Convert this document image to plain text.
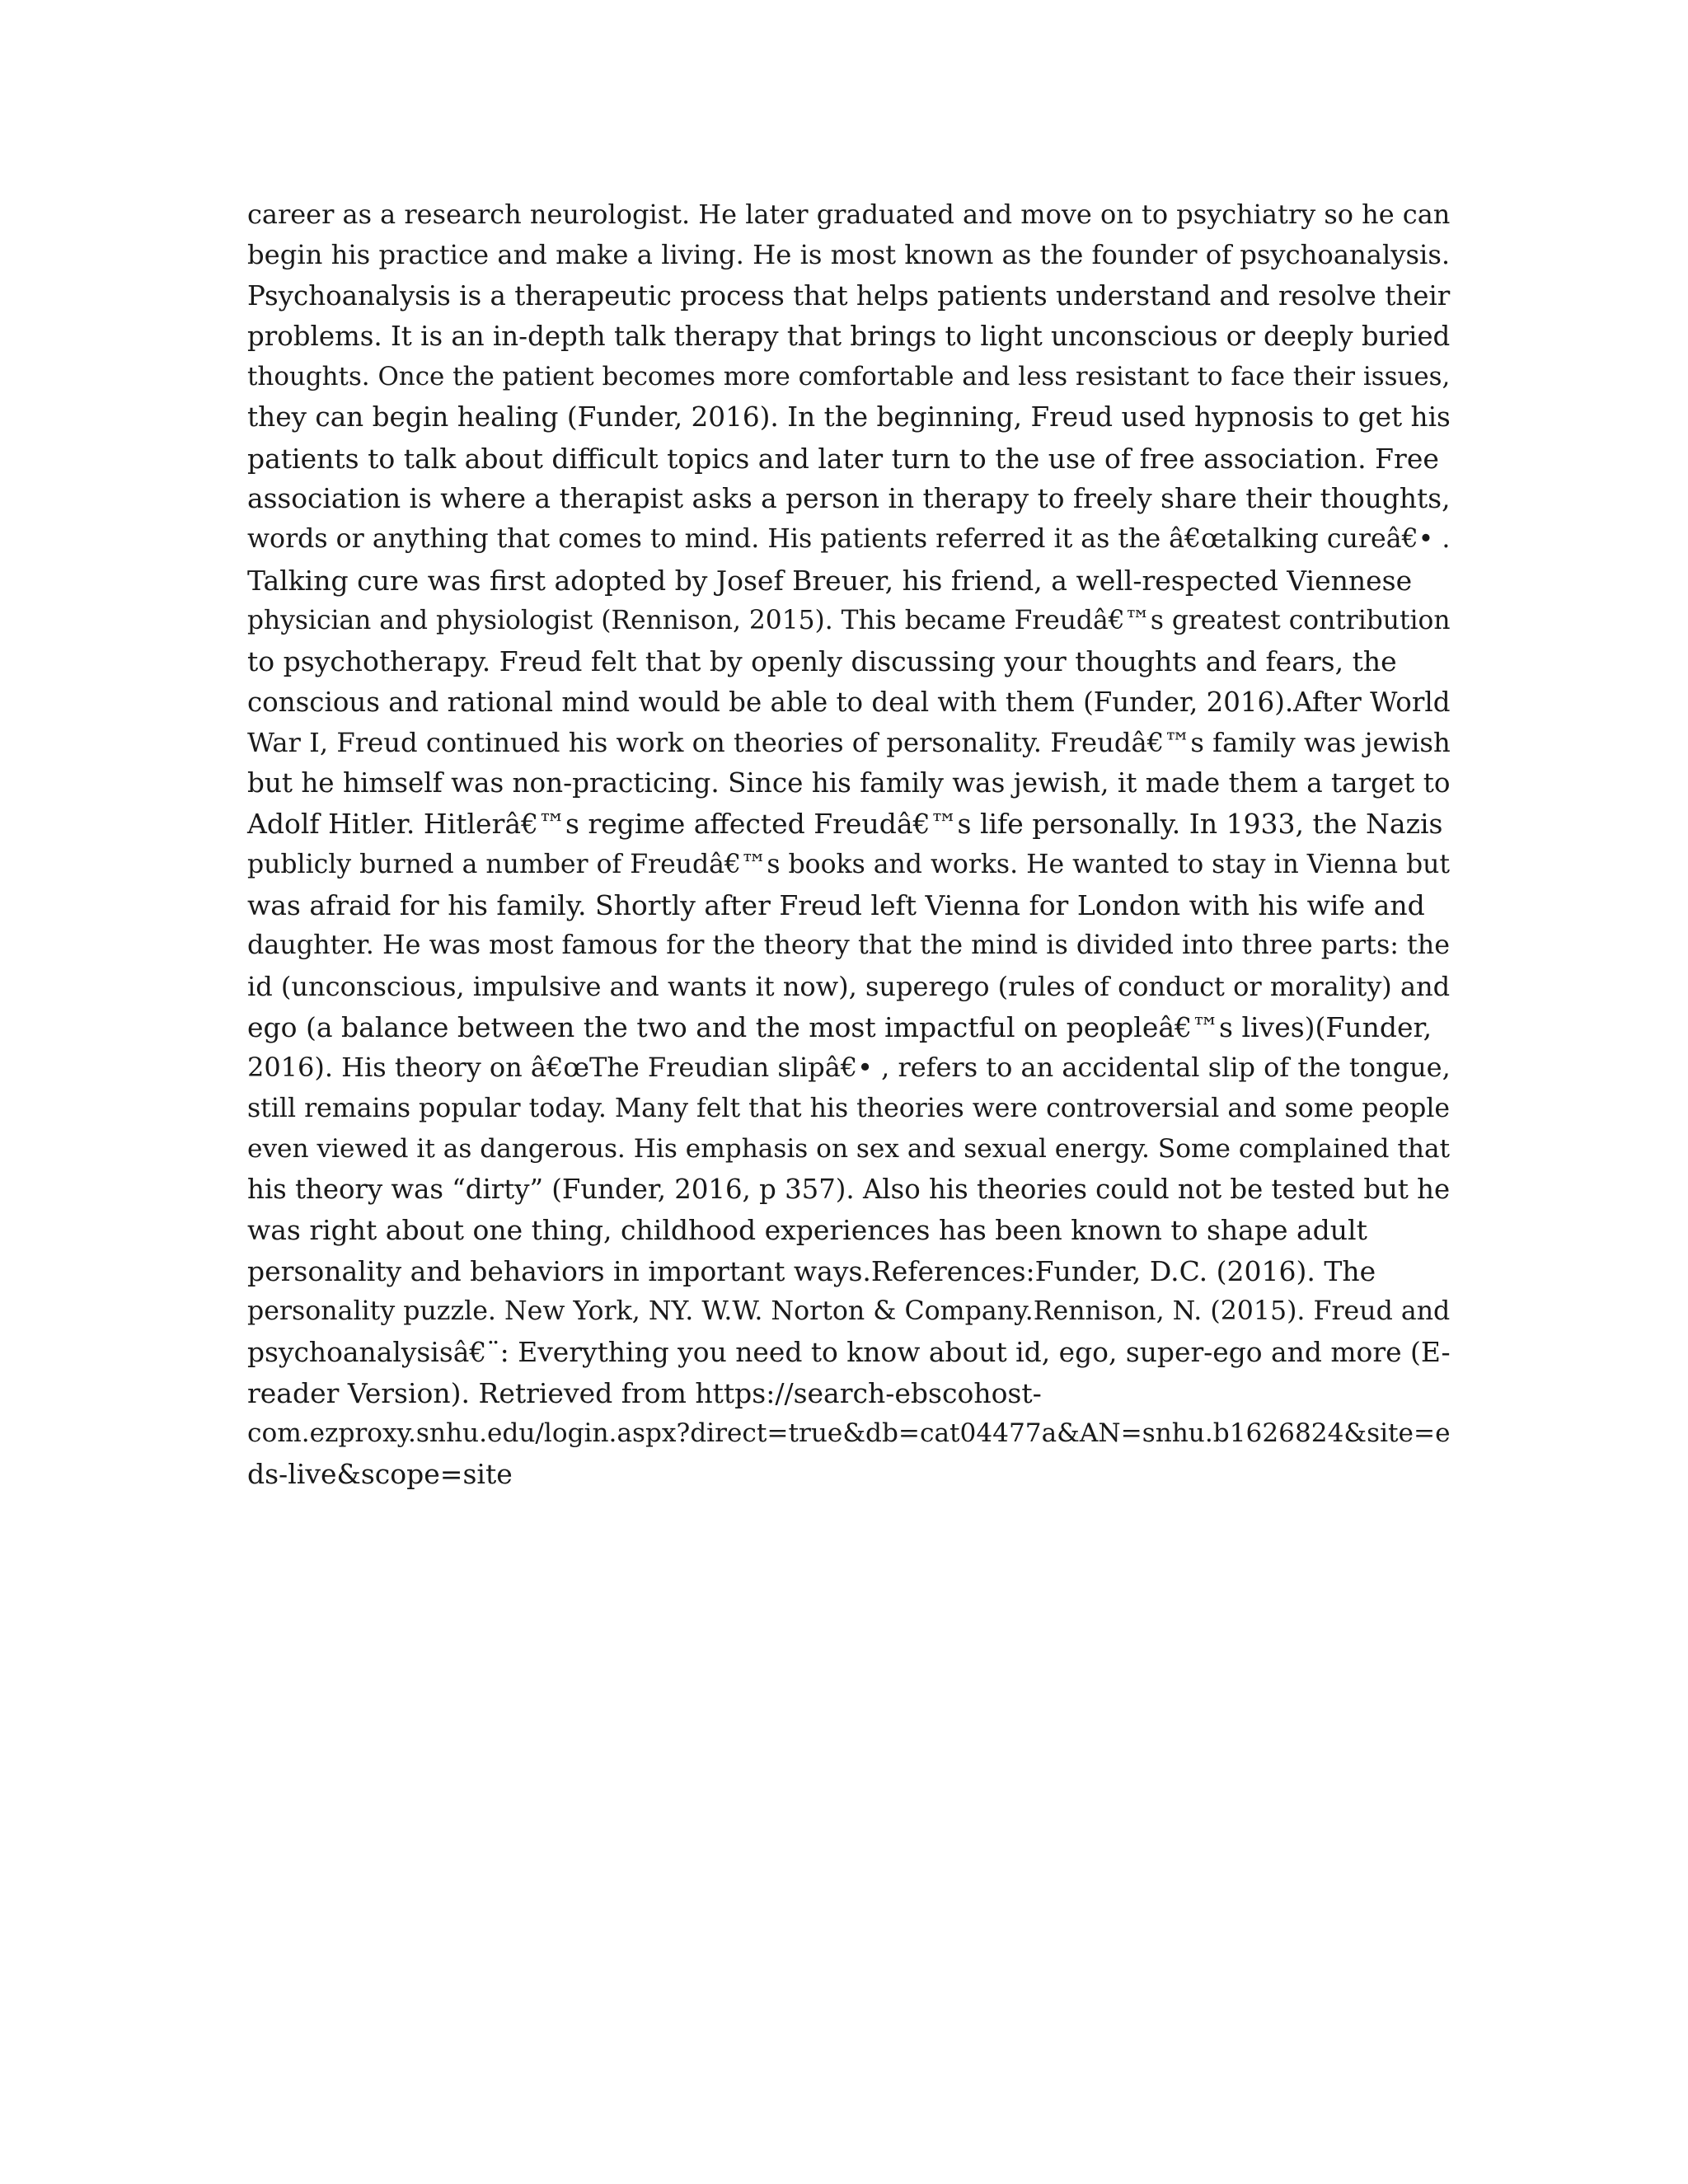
career as a research neurologist. He later graduated and move on to psychiatry so he can
begin his practice and make a living. He is most known as the founder of psychoanalysis.
Psychoanalysis is a therapeutic process that helps patients understand and resolve their
problems. It is an in-depth talk therapy that brings to light unconscious or deeply buried
thoughts. Once the patient becomes more comfortable and less resistant to face their issues,
they can begin healing (Funder, 2016). In the beginning, Freud used hypnosis to get his
patients to talk about difficult topics and later turn to the use of free association. Free
association is where a therapist asks a person in therapy to freely share their thoughts,
words or anything that comes to mind. His patients referred it as the â€œtalking cureâ€• .
Talking cure was first adopted by Josef Breuer, his friend, a well-respected Viennese
physician and physiologist (Rennison, 2015). This became Freudâ€™s greatest contribution
to psychotherapy. Freud felt that by openly discussing your thoughts and fears, the
conscious and rational mind would be able to deal with them (Funder, 2016).After World
War I, Freud continued his work on theories of personality. Freudâ€™s family was jewish
but he himself was non-practicing. Since his family was jewish, it made them a target to
Adolf Hitler. Hitlerâ€™s regime affected Freudâ€™s life personally. In 1933, the Nazis
publicly burned a number of Freudâ€™s books and works. He wanted to stay in Vienna but
was afraid for his family. Shortly after Freud left Vienna for London with his wife and
daughter. He was most famous for the theory that the mind is divided into three parts: the
id (unconscious, impulsive and wants it now), superego (rules of conduct or morality) and
ego (a balance between the two and the most impactful on peopleâ€™s lives)(Funder,
2016). His theory on â€œThe Freudian slipâ€• , refers to an accidental slip of the tongue,
still remains popular today. Many felt that his theories were controversial and some people
even viewed it as dangerous. His emphasis on sex and sexual energy. Some complained that
his theory was “dirty” (Funder, 2016, p 357). Also his theories could not be tested but he
was right about one thing, childhood experiences has been known to shape adult
personality and behaviors in important ways.References:Funder, D.C. (2016). The
personality puzzle. New York, NY. W.W. Norton & Company.Rennison, N. (2015). Freud and
psychoanalysisâ€¨: Everything you need to know about id, ego, super-ego and more (E-
reader Version). Retrieved from https://search-ebscohost-
com.ezproxy.snhu.edu/login.aspx?direct=true&db=cat04477a&AN=snhu.b1626824&site=e
ds-live&scope=site
